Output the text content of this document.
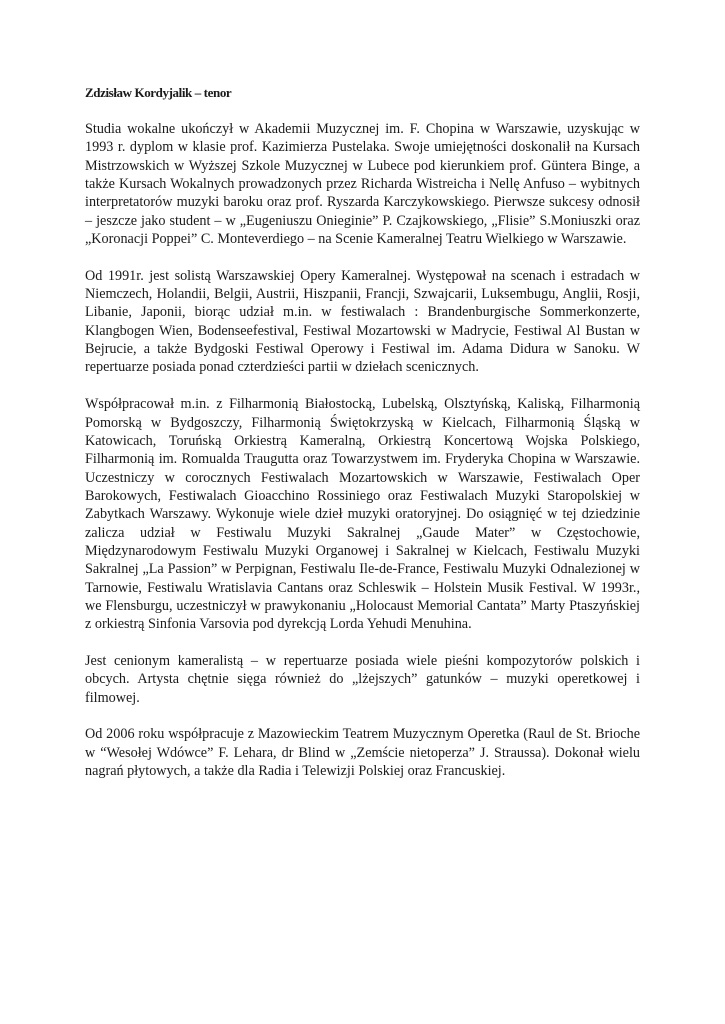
Zdzisław Kordyjalik – tenor

Studia wokalne ukończył w Akademii Muzycznej im. F. Chopina w Warszawie, uzyskując w 1993 r. dyplom w klasie prof. Kazimierza Pustelaka. Swoje umiejętności doskonalił na Kursach Mistrzowskich w Wyższej Szkole Muzycznej w Lubece pod kierunkiem prof. Güntera Binge, a także Kursach Wokalnych prowadzonych przez Richarda Wistreicha i Nellę Anfuso – wybitnych interpretatorów muzyki baroku oraz prof. Ryszarda Karczykowskiego. Pierwsze sukcesy odnosił – jeszcze jako student – w „Eugeniuszu Onieginie” P. Czajkowskiego, „Flisie” S.Moniuszki oraz „Koronacji Poppei” C. Monteverdiego – na Scenie Kameralnej Teatru Wielkiego w Warszawie.

Od 1991r. jest solistą Warszawskiej Opery Kameralnej. Występował na scenach i estradach w Niemczech, Holandii, Belgii, Austrii, Hiszpanii, Francji, Szwajcarii, Luksembugu, Anglii, Rosji, Libanie, Japonii, biorąc udział m.in. w festiwalach : Brandenburgische Sommerkonzerte, Klangbogen Wien, Bodenseefestival, Festiwal Mozartowski w Madrycie, Festiwal Al Bustan w Bejrucie, a także Bydgoski Festiwal Operowy i Festiwal im. Adama Didura w Sanoku. W repertuarze posiada ponad czterdzieści partii w dziełach scenicznych.

Współpracował m.in. z Filharmonią Białostocką, Lubelską, Olsztyńską, Kaliską, Filharmonią Pomorską w Bydgoszczy, Filharmonią Świętokrzyską w Kielcach, Filharmonią Śląską w Katowicach, Toruńską Orkiestrą Kameralną, Orkiestrą Koncertową Wojska Polskiego, Filharmonią im. Romualda Traugutta oraz Towarzystwem im. Fryderyka Chopina w Warszawie. Uczestniczy w corocznych Festiwalach Mozartowskich w Warszawie, Festiwalach Oper Barokowych, Festiwalach Gioacchino Rossiniego oraz Festiwalach Muzyki Staropolskiej w Zabytkach Warszawy. Wykonuje wiele dzieł muzyki oratoryjnej. Do osiągnięć w tej dziedzinie zalicza udział w Festiwalu Muzyki Sakralnej „Gaude Mater” w Częstochowie, Międzynarodowym Festiwalu Muzyki Organowej i Sakralnej w Kielcach, Festiwalu Muzyki Sakralnej „La Passion” w Perpignan, Festiwalu Ile-de-France, Festiwalu Muzyki Odnalezionej w Tarnowie, Festiwalu Wratislavia Cantans oraz Schleswik – Holstein Musik Festival. W 1993r., we Flensburgu, uczestniczył w prawykonaniu „Holocaust Memorial Cantata” Marty Ptaszyńskiej z orkiestrą Sinfonia Varsovia pod dyrekcją Lorda Yehudi Menuhina.

Jest cenionym kameralistą – w repertuarze posiada wiele pieśni kompozytorów polskich i obcych. Artysta chętnie sięga również do „lżejszych” gatunków – muzyki operetkowej i filmowej.

Od 2006 roku współpracuje z Mazowieckim Teatrem Muzycznym Operetka (Raul de St. Brioche w “Wesołej Wdówce” F. Lehara, dr Blind w „Zemście nietoperza” J. Straussa). Dokonał wielu nagrań płytowych, a także dla Radia i Telewizji Polskiej oraz Francuskiej.
